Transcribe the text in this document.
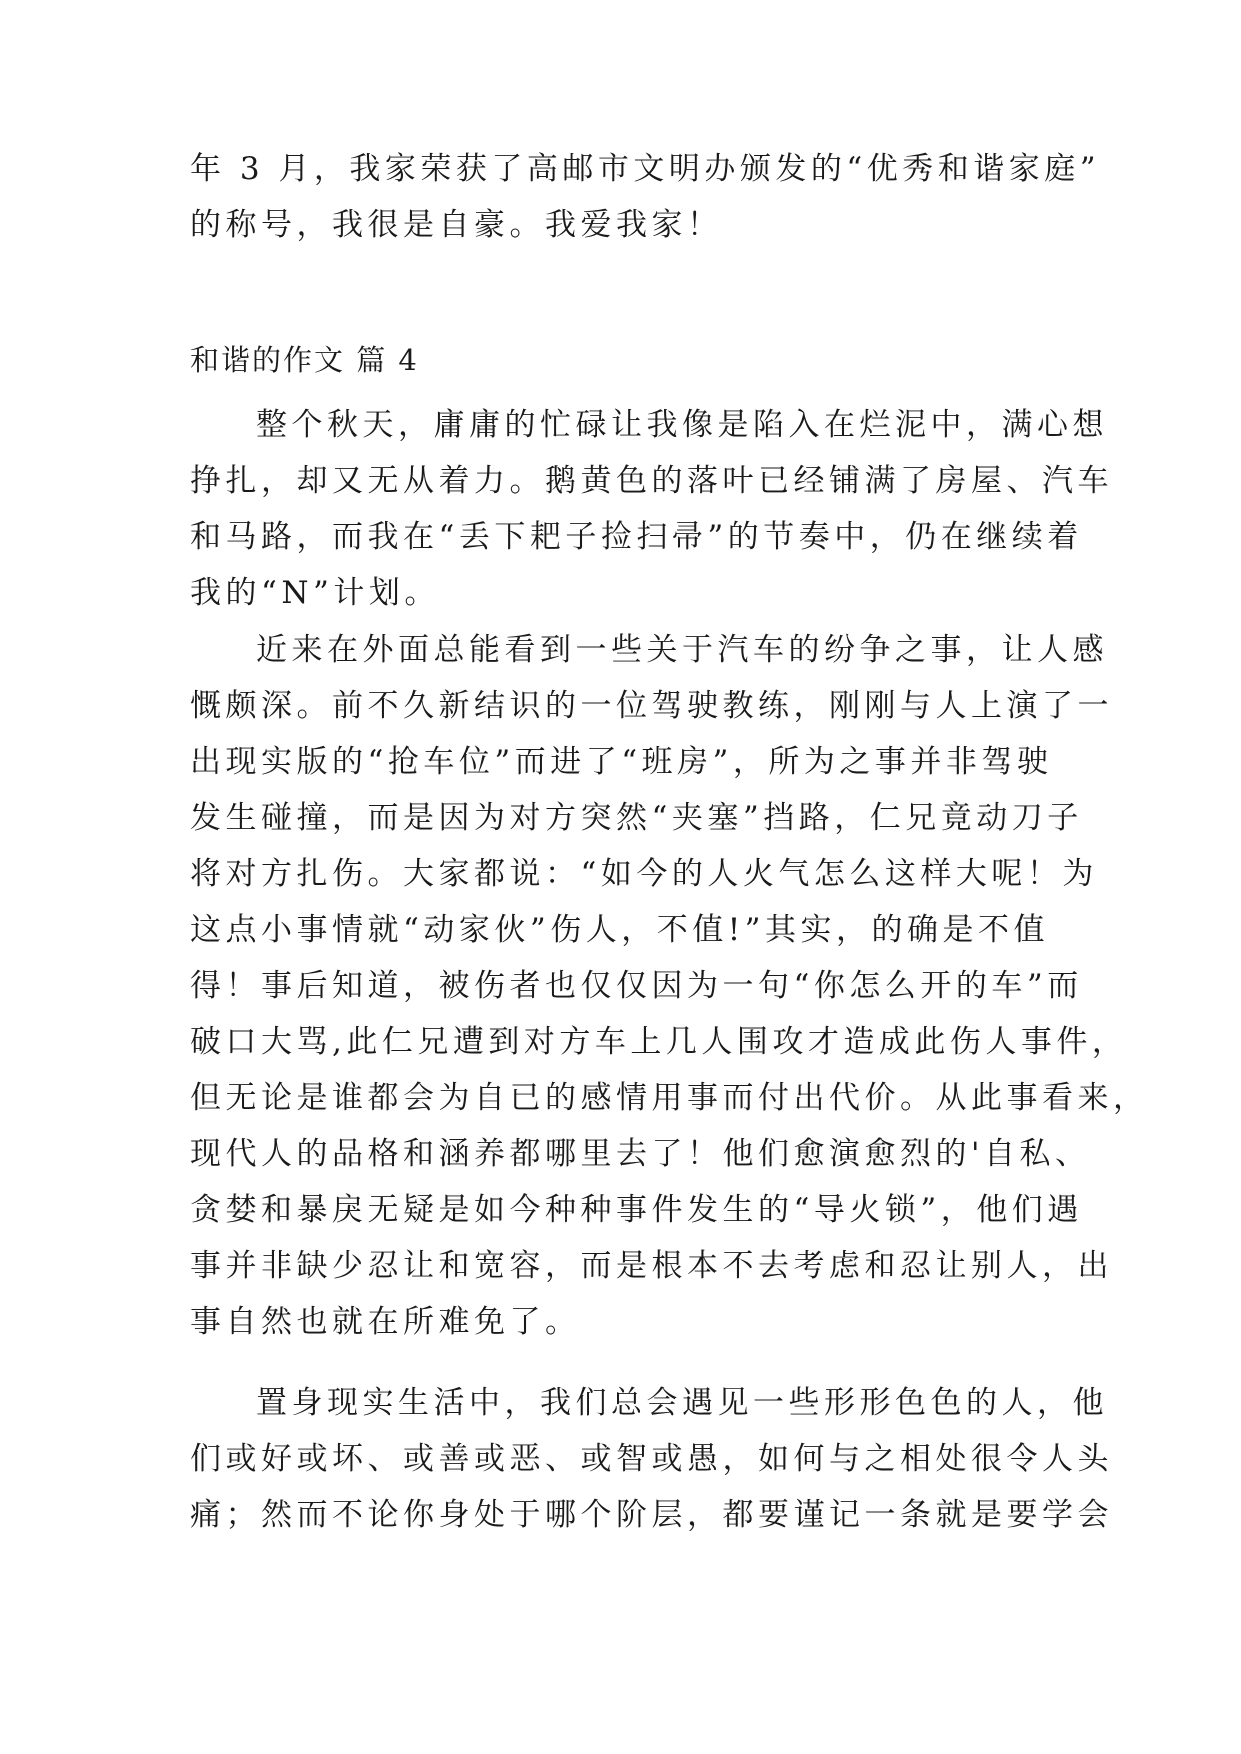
年 3 月，我家荣获了高邮市文明办颁发的“优秀和谐家庭”
的称号，我很是自豪。我爱我家！
和谐的作文 篇 4
整个秋天，庸庸的忙碌让我像是陷入在烂泥中，满心想
挣扎，却又无从着力。鹅黄色的落叶已经铺满了房屋、汽车
和马路，而我在“丢下耙子捡扫帚”的节奏中，仍在继续着
我的“N”计划。
近来在外面总能看到一些关于汽车的纷争之事，让人感
慨颇深。前不久新结识的一位驾驶教练，刚刚与人上演了一
出现实版的“抢车位”而进了“班房”，所为之事并非驾驶
发生碰撞，而是因为对方突然“夹塞”挡路，仁兄竟动刀子
将对方扎伤。大家都说：“如今的人火气怎么这样大呢！为
这点小事情就“动家伙”伤人，不值!”其实，的确是不值
得！事后知道，被伤者也仅仅因为一句“你怎么开的车”而
破口大骂,此仁兄遭到对方车上几人围攻才造成此伤人事件，
但无论是谁都会为自已的感情用事而付出代价。从此事看来，
现代人的品格和涵养都哪里去了！他们愈演愈烈的'自私、
贪婪和暴戾无疑是如今种种事件发生的“导火锁”，他们遇
事并非缺少忍让和宽容，而是根本不去考虑和忍让别人，出
事自然也就在所难免了。
置身现实生活中，我们总会遇见一些形形色色的人，他
们或好或坏、或善或恶、或智或愚，如何与之相处很令人头
痛；然而不论你身处于哪个阶层，都要谨记一条就是要学会
